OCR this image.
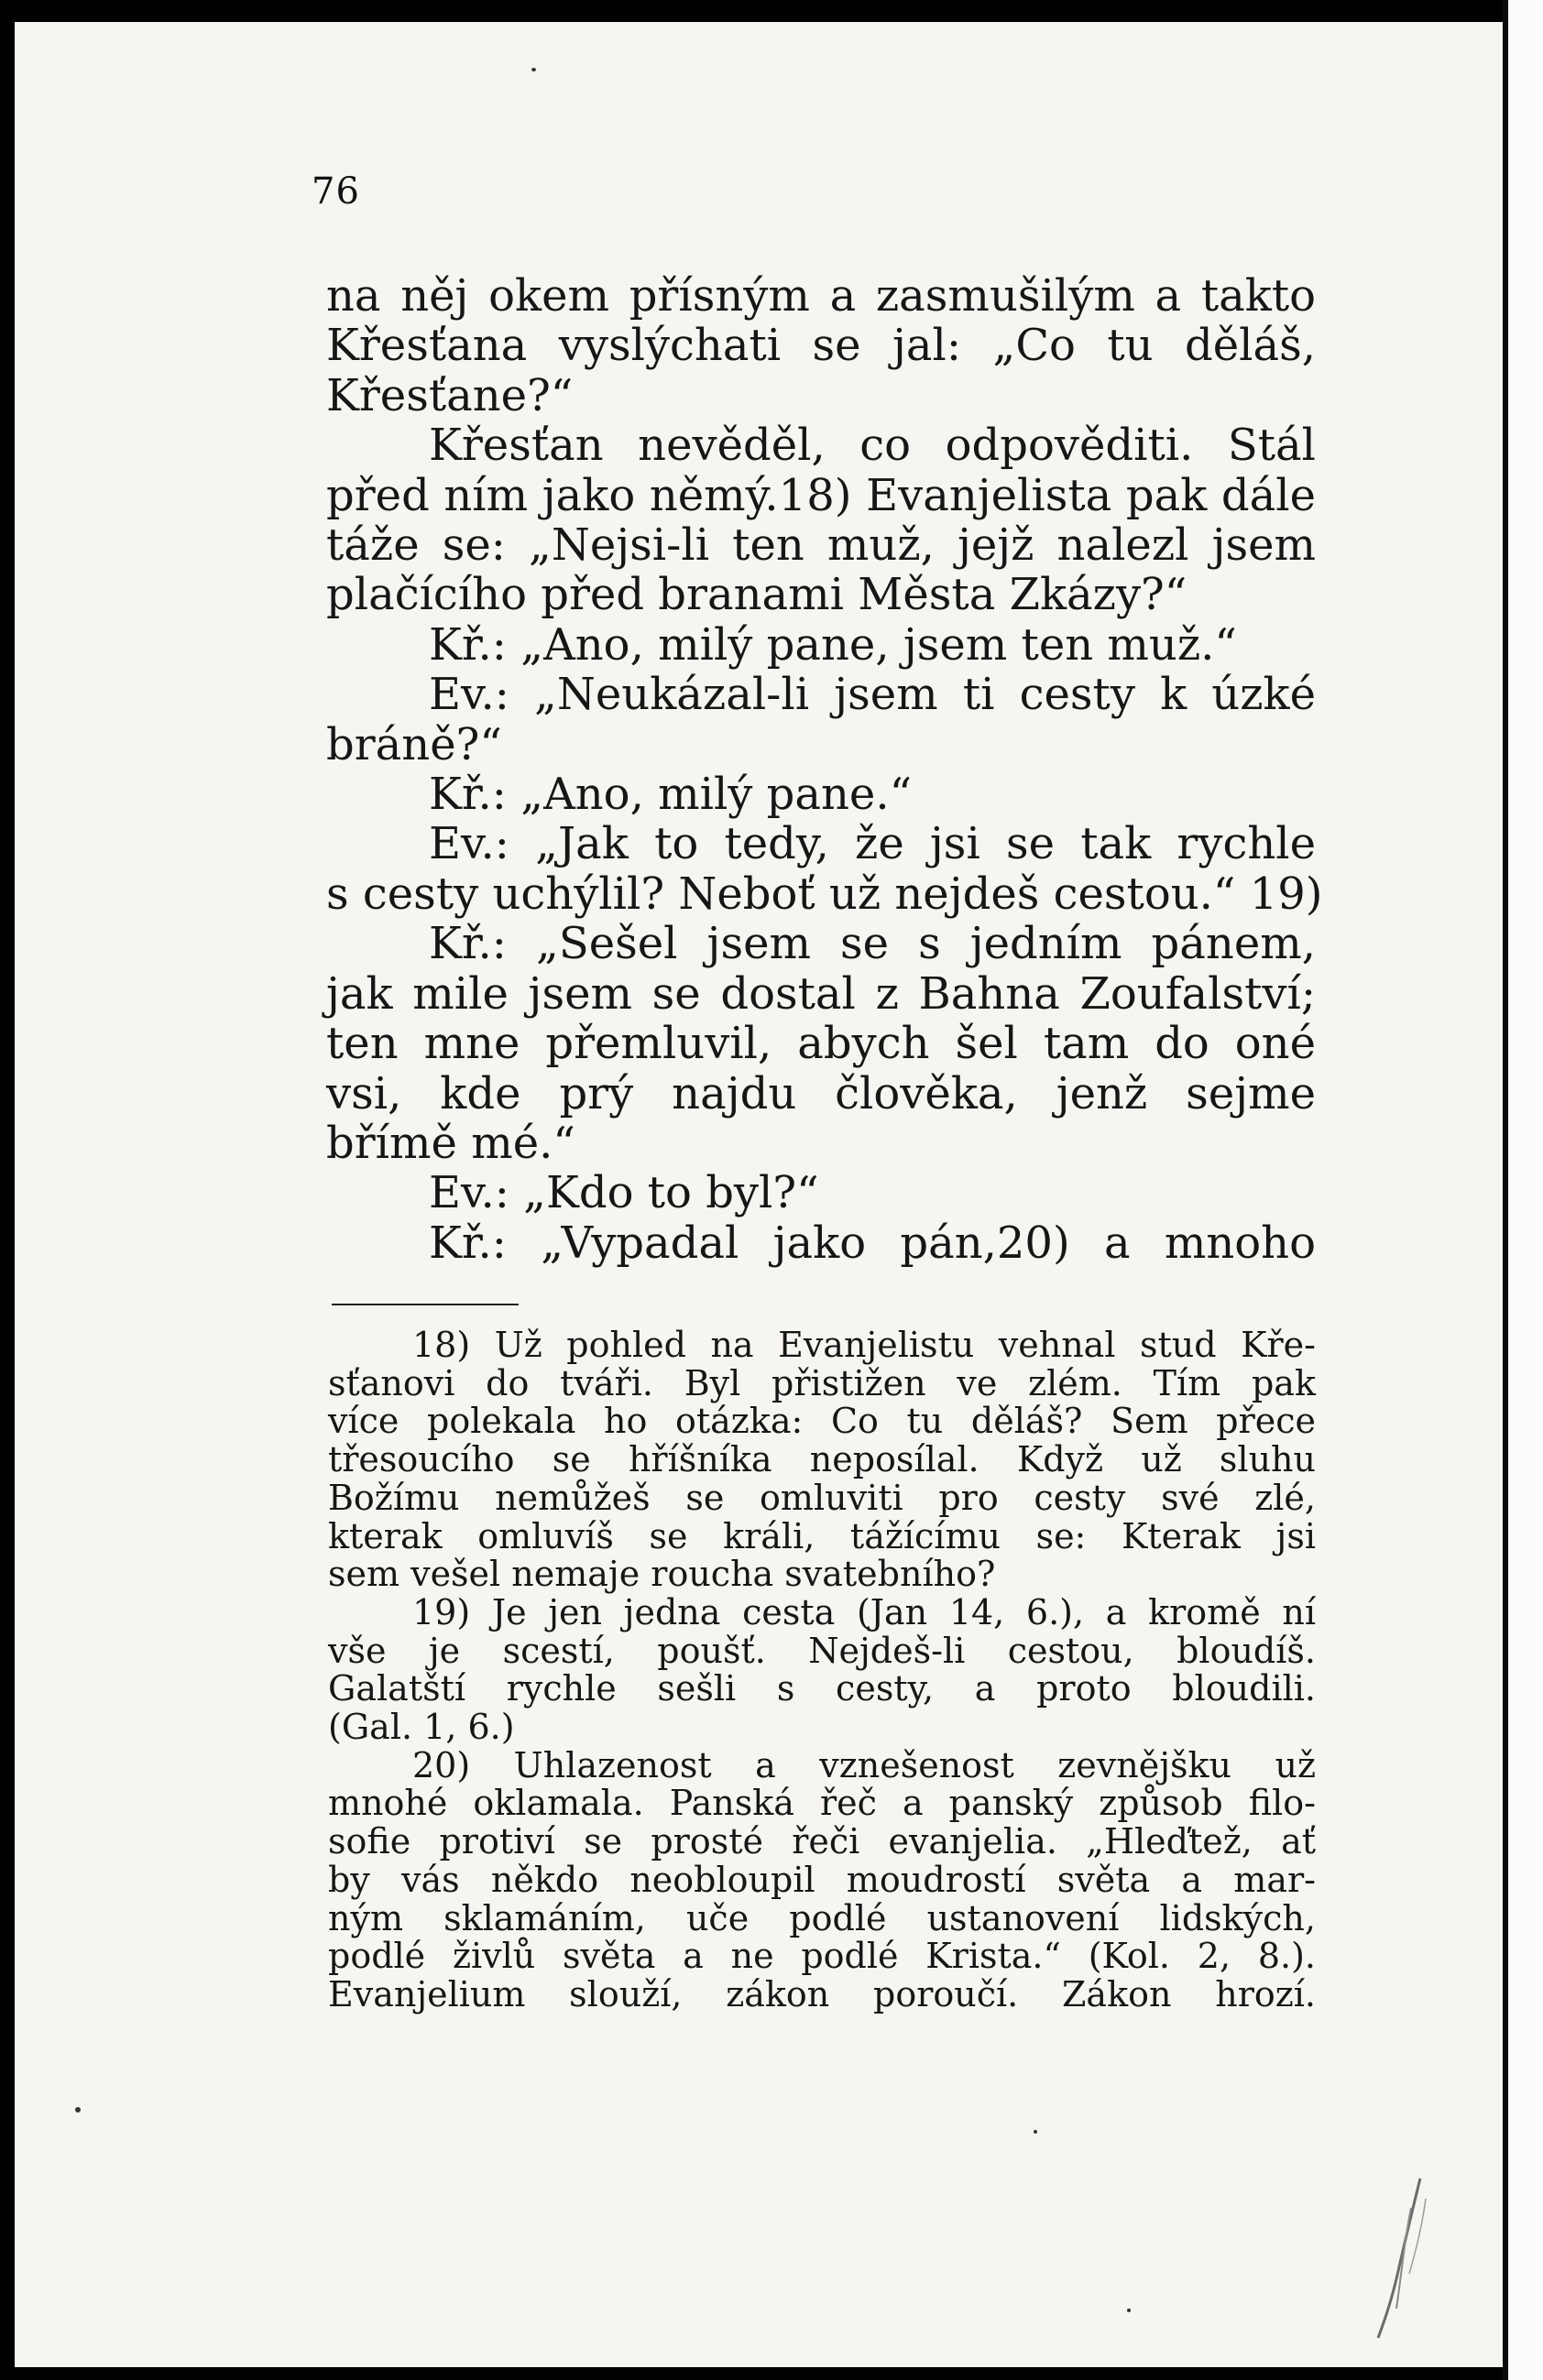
76
na něj okem přísným a zasmušilým a takto
Křesťana vyslýchati se jal: „Co tu děláš,
Křesťane?“
Křesťan nevěděl, co odpověditi. Stál
před ním jako němý.18) Evanjelista pak dále
táže se: „Nejsi-li ten muž, jejž nalezl jsem
plačícího před branami Města Zkázy?“
Kř.: „Ano, milý pane, jsem ten muž.“
Ev.: „Neukázal-li jsem ti cesty k úzké
bráně?“
Kř.: „Ano, milý pane.“
Ev.: „Jak to tedy, že jsi se tak rychle
s cesty uchýlil? Neboť už nejdeš cestou.“ 19)
Kř.: „Sešel jsem se s jedním pánem,
jak mile jsem se dostal z Bahna Zoufalství;
ten mne přemluvil, abych šel tam do oné
vsi, kde prý najdu člověka, jenž sejme
břímě mé.“
Ev.: „Kdo to byl?“
Kř.: „Vypadal jako pán,20) a mnoho
18) Už pohled na Evanjelistu vehnal stud Kře-
sťanovi do tváři. Byl přistižen ve zlém. Tím pak
více polekala ho otázka: Co tu děláš? Sem přece
třesoucího se hříšníka neposílal. Když už sluhu
Božímu nemůžeš se omluviti pro cesty své zlé,
kterak omluvíš se králi, tážícímu se: Kterak jsi
sem vešel nemaje roucha svatebního?
19) Je jen jedna cesta (Jan 14, 6.), a kromě ní
vše je scestí, poušť. Nejdeš-li cestou, bloudíš.
Galatští rychle sešli s cesty, a proto bloudili.
(Gal. 1, 6.)
20) Uhlazenost a vznešenost zevnějšku už
mnohé oklamala. Panská řeč a panský způsob filo-
sofie protiví se prosté řeči evanjelia. „Hleďtež, ať
by vás někdo neobloupil moudrostí světa a mar-
ným sklamáním, uče podlé ustanovení lidských,
podlé živlů světa a ne podlé Krista.“ (Kol. 2, 8.).
Evanjelium slouží, zákon poroučí. Zákon hrozí.
